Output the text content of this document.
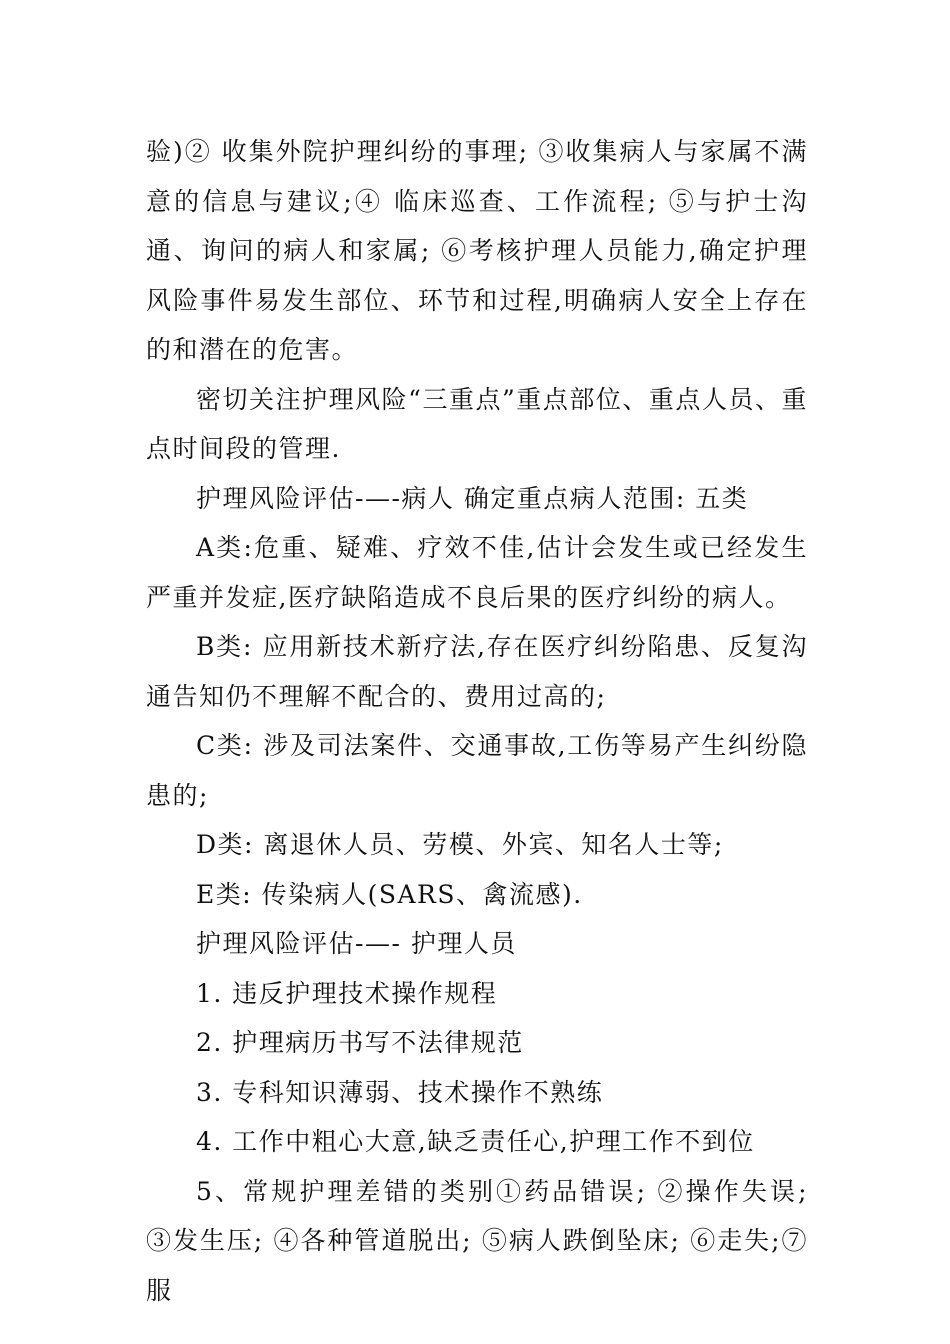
验)② 收集外院护理纠纷的事理; ③收集病人与家属不满意的信息与建议;④ 临床巡查、工作流程; ⑤与护士沟通、询问的病人和家属; ⑥考核护理人员能力,确定护理风险事件易发生部位、环节和过程,明确病人安全上存在的和潜在的危害。

密切关注护理风险“三重点”重点部位、重点人员、重点时间段的管理.

护理风险评估-—-病人 确定重点病人范围: 五类

A类:危重、疑难、疗效不佳,估计会发生或已经发生严重并发症,医疗缺陷造成不良后果的医疗纠纷的病人。

B类: 应用新技术新疗法,存在医疗纠纷陷患、反复沟通告知仍不理解不配合的、费用过高的;

C类: 涉及司法案件、交通事故,工伤等易产生纠纷隐患的;

D类: 离退休人员、劳模、外宾、知名人士等;

E类: 传染病人(SARS、禽流感).

护理风险评估-—- 护理人员

1. 违反护理技术操作规程

2. 护理病历书写不法律规范

3. 专科知识薄弱、技术操作不熟练

4. 工作中粗心大意,缺乏责任心,护理工作不到位

5、常规护理差错的类别①药品错误; ②操作失误; ③发生压; ④各种管道脱出; ⑤病人跌倒坠床; ⑥走失;⑦ 服
